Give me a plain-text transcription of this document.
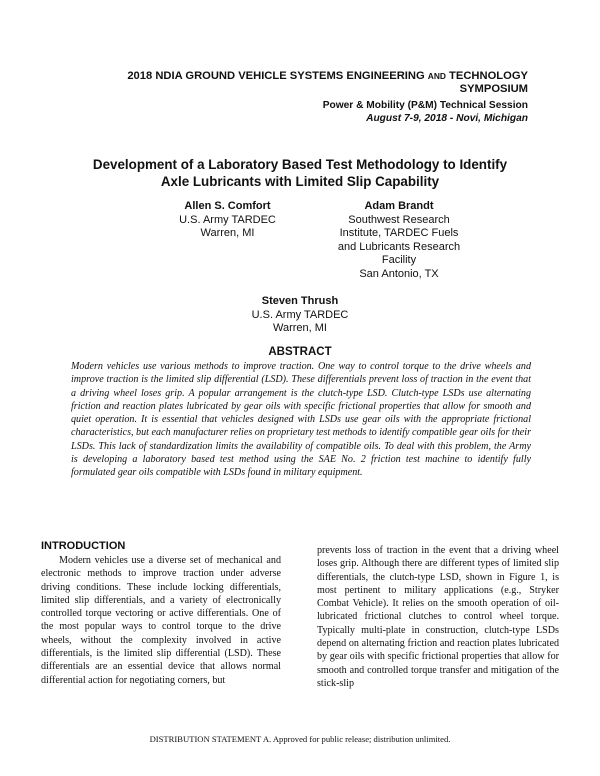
2018 NDIA GROUND VEHICLE SYSTEMS ENGINEERING AND TECHNOLOGY
SYMPOSIUM
Power & Mobility (P&M) Technical Session
August 7-9, 2018 - Novi, Michigan
Development of a Laboratory Based Test Methodology to Identify
Axle Lubricants with Limited Slip Capability
Allen S. Comfort
U.S. Army TARDEC
Warren, MI
Adam Brandt
Southwest Research
Institute, TARDEC Fuels
and Lubricants Research
Facility
San Antonio, TX
Steven Thrush
U.S. Army TARDEC
Warren, MI
ABSTRACT
Modern vehicles use various methods to improve traction. One way to control torque to the drive wheels and improve traction is the limited slip differential (LSD). These differentials prevent loss of traction in the event that a driving wheel loses grip. A popular arrangement is the clutch-type LSD. Clutch-type LSDs use alternating friction and reaction plates lubricated by gear oils with specific frictional properties that allow for smooth and quiet operation. It is essential that vehicles designed with LSDs use gear oils with the appropriate frictional characteristics, but each manufacturer relies on proprietary test methods to identify compatible gear oils for their LSDs. This lack of standardization limits the availability of compatible oils. To deal with this problem, the Army is developing a laboratory based test method using the SAE No. 2 friction test machine to identify fully formulated gear oils compatible with LSDs found in military equipment.
INTRODUCTION

Modern vehicles use a diverse set of mechanical and electronic methods to improve traction under adverse driving conditions. These include locking differentials, limited slip differentials, and a variety of electronically controlled torque vectoring or active differentials. One of the most popular ways to control torque to the drive wheels, without the complexity involved in active differentials, is the limited slip differential (LSD). These differentials are an essential device that allows normal differential action for negotiating corners, but

prevents loss of traction in the event that a driving wheel loses grip. Although there are different types of limited slip differentials, the clutch-type LSD, shown in Figure 1, is most pertinent to military applications (e.g., Stryker Combat Vehicle). It relies on the smooth operation of oil-lubricated frictional clutches to control wheel torque. Typically multi-plate in construction, clutch-type LSDs depend on alternating friction and reaction plates lubricated by gear oils with specific frictional properties that allow for smooth and controlled torque transfer and mitigation of the stick-slip

DISTRIBUTION STATEMENT A. Approved for public release; distribution unlimited.
